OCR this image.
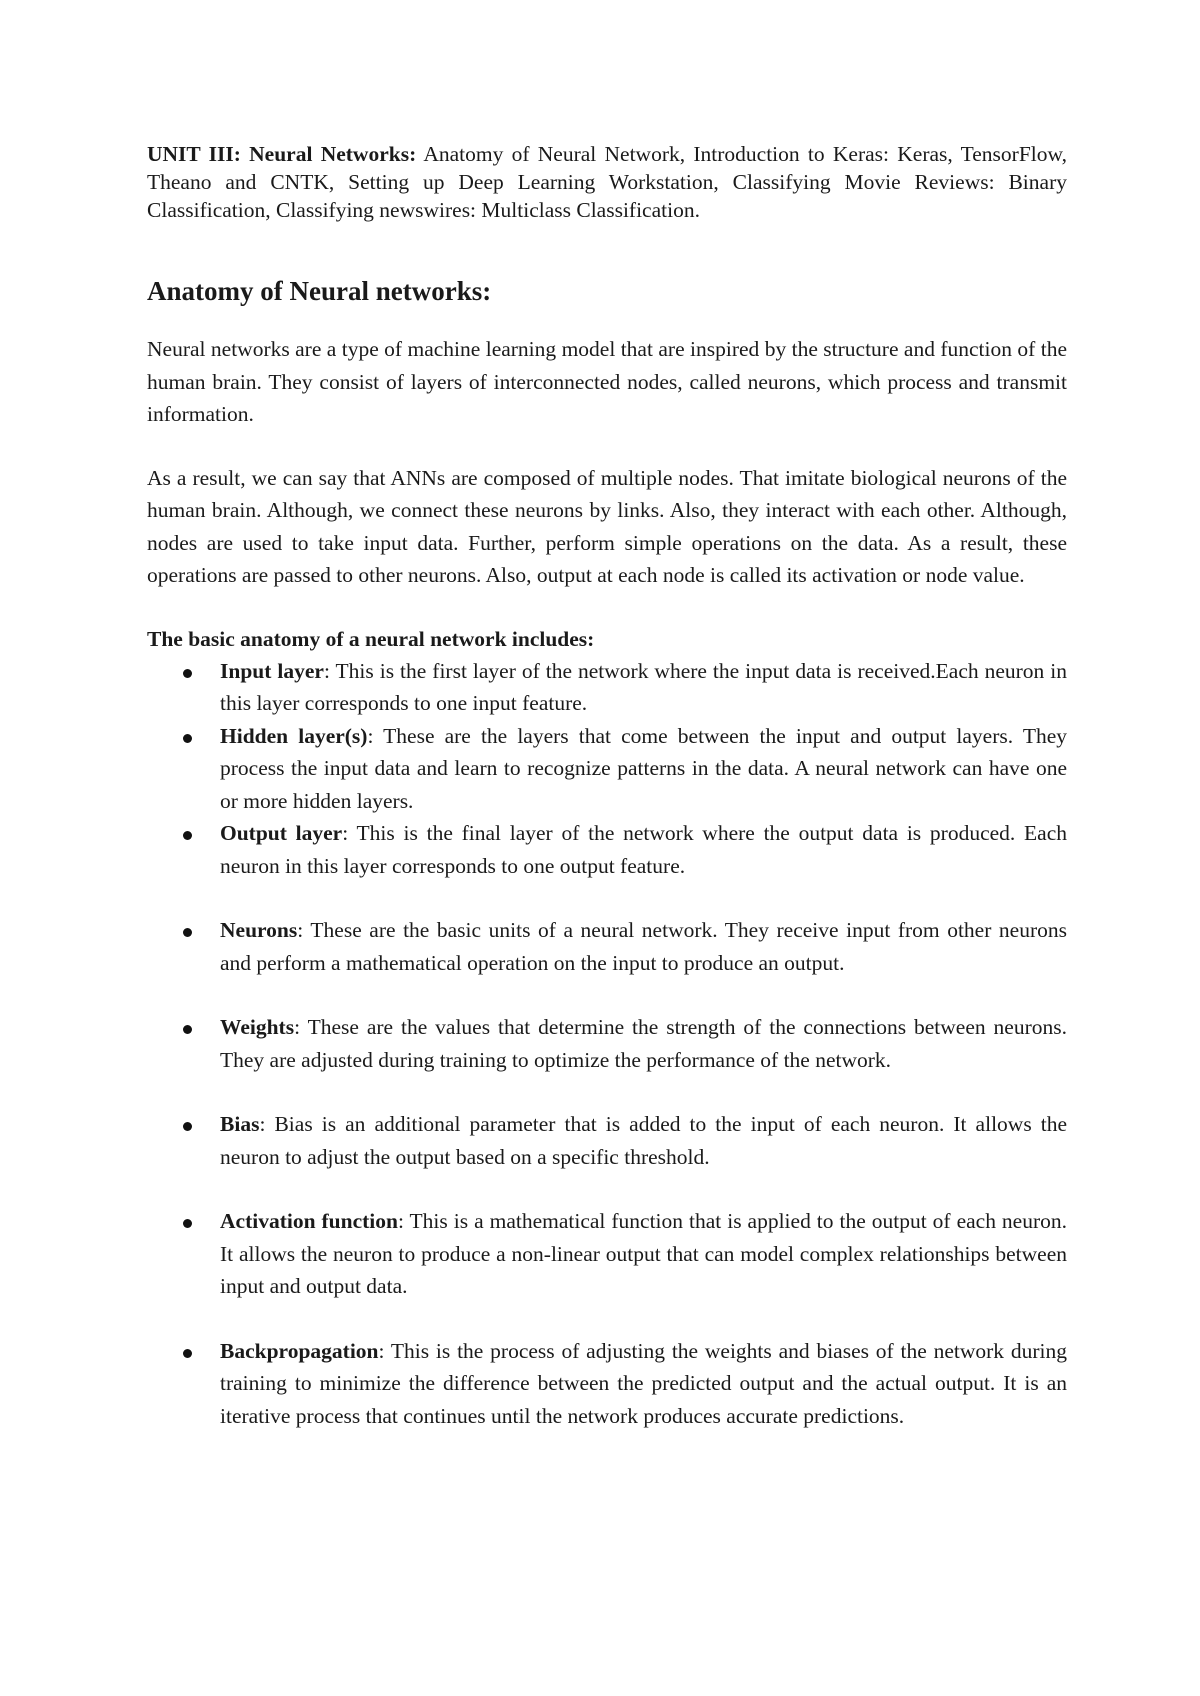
UNIT III: Neural Networks: Anatomy of Neural Network, Introduction to Keras: Keras, TensorFlow, Theano and CNTK, Setting up Deep Learning Workstation, Classifying Movie Reviews: Binary Classification, Classifying newswires: Multiclass Classification.

Anatomy of Neural networks:

Neural networks are a type of machine learning model that are inspired by the structure and function of the human brain. They consist of layers of interconnected nodes, called neurons, which process and transmit information.

As a result, we can say that ANNs are composed of multiple nodes. That imitate biological neurons of the human brain. Although, we connect these neurons by links. Also, they interact with each other. Although, nodes are used to take input data. Further, perform simple operations on the data. As a result, these operations are passed to other neurons. Also, output at each node is called its activation or node value.

The basic anatomy of a neural network includes:
Input layer: This is the first layer of the network where the input data is received.Each neuron in this layer corresponds to one input feature.
Hidden layer(s): These are the layers that come between the input and output layers. They process the input data and learn to recognize patterns in the data. A neural network can have one or more hidden layers.
Output layer: This is the final layer of the network where the output data is produced. Each neuron in this layer corresponds to one output feature.
Neurons: These are the basic units of a neural network. They receive input from other neurons and perform a mathematical operation on the input to produce an output.
Weights: These are the values that determine the strength of the connections between neurons. They are adjusted during training to optimize the performance of the network.
Bias: Bias is an additional parameter that is added to the input of each neuron. It allows the neuron to adjust the output based on a specific threshold.
Activation function: This is a mathematical function that is applied to the output of each neuron. It allows the neuron to produce a non-linear output that can model complex relationships between input and output data.
Backpropagation: This is the process of adjusting the weights and biases of the network during training to minimize the difference between the predicted output and the actual output. It is an iterative process that continues until the network produces accurate predictions.
